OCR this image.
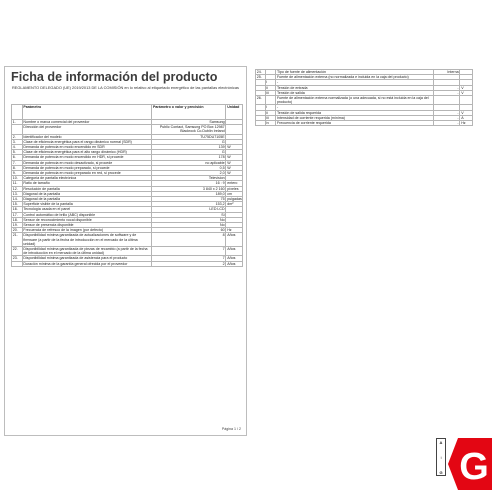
Ficha de información del producto
REGLAMENTO DELEGADO (UE) 2019/2013 DE LA COMISIÓN en lo relativo al etiquetado energético de las pantallas electrónicas
	Parámetro	Parámetro o valor y precisión	Unidad
1.	Nombre o marca comercial del proveedor	Samsung	
	Dirección del proveedor	Public Contact, Samsung PO Box 12987 Blackrock Co.Dublin Ireland	
2.	Identificador del modelo	TU75DU7105E	
3.	Clase de eficiencia energética para el rango dinámico normal (SDR)	G	
4.	Demanda de potencia en modo encendido en SDR	139	W
5.	Clase de eficiencia energética para el alto rango dinámico (HDR)	G	
6.	Demanda de potencia en modo encendido en HDR, si procede	178	W
7.	Demanda de potencia en modo desactivado, si procede	no aplicable	W
8.	Demanda de potencia en modo preparado, si procede	0,5	W
9.	Demanda de potencia en modo preparado en red, si procede	2,0	W
10.	Categoría de pantalla electrónica	Television	
11.	Ratio de tamaño	16 : 9	entero
12.	Resolución de pantalla	3 840 x 2 160	píxeles
13.	Diagonal de la pantalla	189,0	cm
14.	Diagonal de la pantalla	75	pulgadas
15.	Superficie visible de la pantalla	153,2	dm²
16.	Tecnología usada en el panel	LED LCD	
17.	Control automático de brillo (ABC) disponible	Sí	
18.	Sensor de reconocimiento vocal disponible	No	
19.	Sensor de presencia disponible	No	
20.	Frecuencia de refresco de la imagen (por defecto)	60	Hz
21.	Disponibilidad mínima garantizada de actualizaciones de software y de firmware (a partir de la fecha de introducción en el mercado de la última unidad)	8	Años
22.	Disponibilidad mínima garantizada de piezas de recambio (a partir de la fecha de introducción en el mercado de la última unidad)	7	Años
23.	Disponibilidad mínima garantizada de asistencia para el producto	7	Años
	Duración mínima de la garantía general ofrecida por el proveedor	2	Años
Página 1 / 2
24.		Tipo de fuente de alimentación	Interna	
25.		Fuente de alimentación externa (no normalizada e incluida en la caja del producto)		
	i	-		
	ii	Tensión de entrada	-	V
	iii	Tensión de salida	-	V
26.		Fuente de alimentación externa normalizada (o una adecuada, si no está incluida en la caja del producto)		
	i	-		
	ii	Tensión de salida requerida	-	V
	iii	Intensidad de corriente requerida (mínima)	-	A
	iv	Frecuencia de corriente requerida	-	Hz
A
↕
G G
